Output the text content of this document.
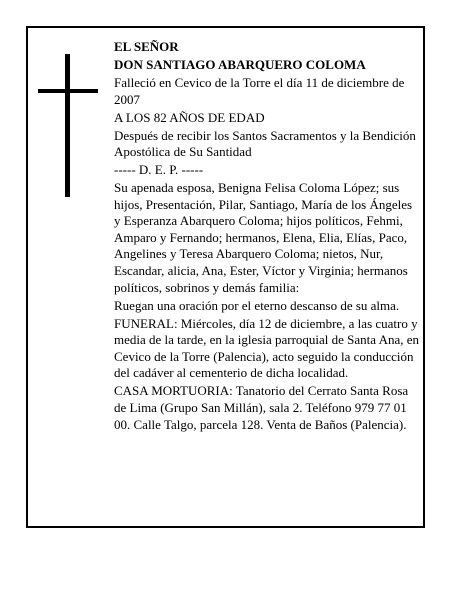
EL SEÑOR

DON SANTIAGO ABARQUERO COLOMA

Falleció en Cevico de la Torre el día 11 de diciembre de 2007

A LOS 82 AÑOS DE EDAD

Después de recibir los Santos Sacramentos y la Bendición Apostólica de Su Santidad

----- D. E. P. -----

Su apenada esposa, Benigna Felisa Coloma López; sus hijos, Presentación, Pilar, Santiago, María de los Ángeles y Esperanza Abarquero Coloma; hijos políticos, Fehmi, Amparo y Fernando; hermanos, Elena, Elia, Elías, Paco, Angelines y Teresa Abarquero Coloma; nietos, Nur, Escandar, alicia, Ana, Ester, Víctor y Virginia; hermanos políticos, sobrinos y demás familia:

Ruegan una oración por el eterno descanso de su alma.

FUNERAL: Miércoles, día 12 de diciembre, a las cuatro y media de la tarde, en la iglesia parroquial de Santa Ana, en Cevico de la Torre (Palencia), acto seguido la conducción del cadáver al cementerio de dicha localidad.

CASA MORTUORIA: Tanatorio del Cerrato Santa Rosa de Lima (Grupo San Millán), sala 2. Teléfono 979 77 01 00. Calle Talgo, parcela 128. Venta de Baños (Palencia).
